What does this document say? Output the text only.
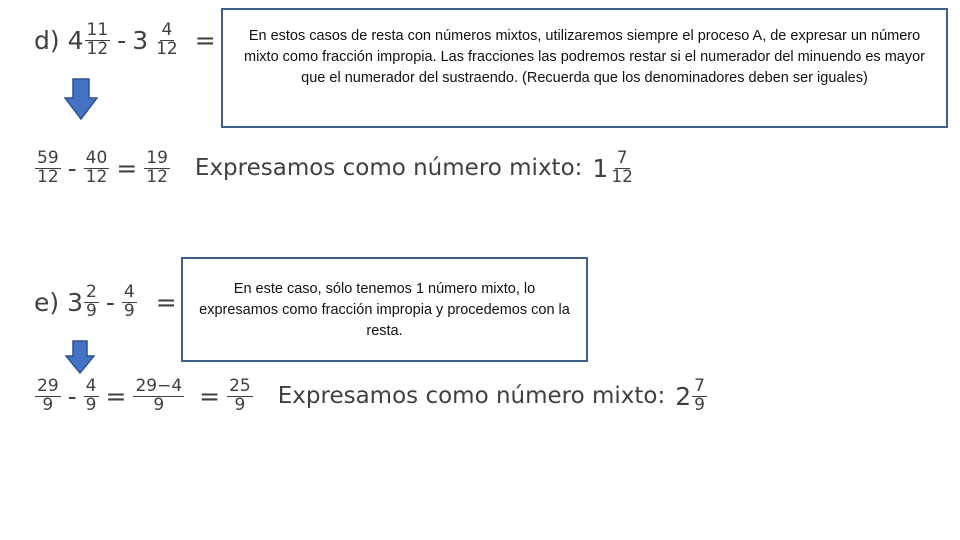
d) $4 \frac{11}{12} - 3 \frac{4}{12}$ =	En estos casos de resta con números mixtos, utilizaremos siempre el proceso A, de expresar un número mixto como fracción impropia. Las fracciones las podremos restar si el numerador del minuendo es mayor que el numerador del sustraendo. (Recuerda que los denominadores deben ser iguales)
$\frac{59}{12} - \frac{40}{12} = \frac{19}{12}$ Expresamos como número mixto: $1 \frac{7}{12}$
e) $3 \frac{2}{9} - \frac{4}{9}$ =	En este caso, sólo tenemos 1 número mixto, lo expresamos como fracción impropia y procedemos con la resta.
$\frac{29}{9} - \frac{4}{9} = \frac{29-4}{9} = \frac{25}{9}$ Expresamos como número mixto: $2 \frac{7}{9}$
